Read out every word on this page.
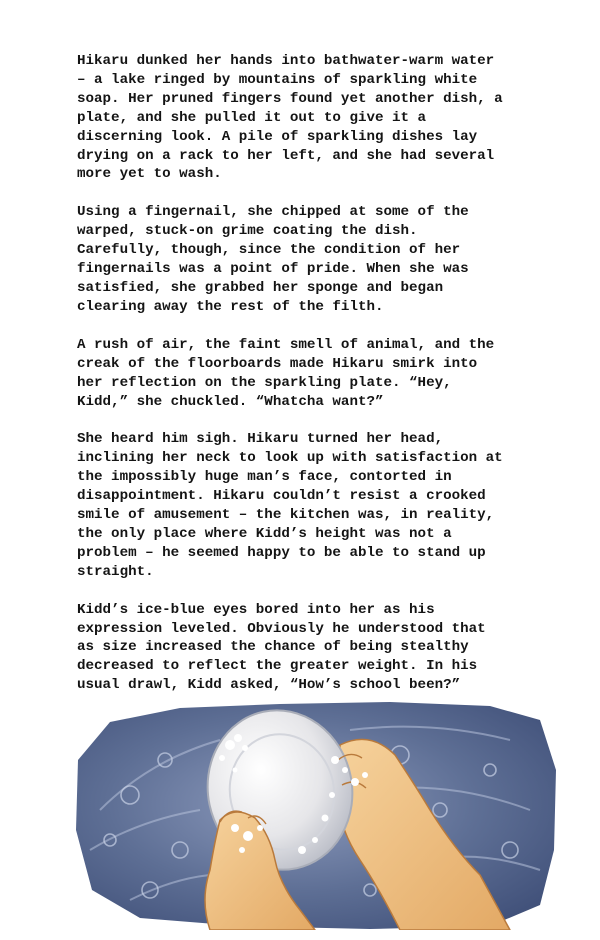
Hikaru dunked her hands into bathwater-warm water
– a lake ringed by mountains of sparkling white
soap. Her pruned fingers found yet another dish, a
plate, and she pulled it out to give it a
discerning look. A pile of sparkling dishes lay
drying on a rack to her left, and she had several
more yet to wash.

Using a fingernail, she chipped at some of the
warped, stuck-on grime coating the dish.
Carefully, though, since the condition of her
fingernails was a point of pride. When she was
satisfied, she grabbed her sponge and began
clearing away the rest of the filth.

A rush of air, the faint smell of animal, and the
creak of the floorboards made Hikaru smirk into
her reflection on the sparkling plate. “Hey,
Kidd,” she chuckled. “Whatcha want?”

She heard him sigh. Hikaru turned her head,
inclining her neck to look up with satisfaction at
the impossibly huge man’s face, contorted in
disappointment. Hikaru couldn’t resist a crooked
smile of amusement – the kitchen was, in reality,
the only place where Kidd’s height was not a
problem – he seemed happy to be able to stand up
straight.

Kidd’s ice-blue eyes bored into her as his
expression leveled. Obviously he understood that
as size increased the chance of being stealthy
decreased to reflect the greater weight. In his
usual drawl, Kidd asked, “How’s school been?”
